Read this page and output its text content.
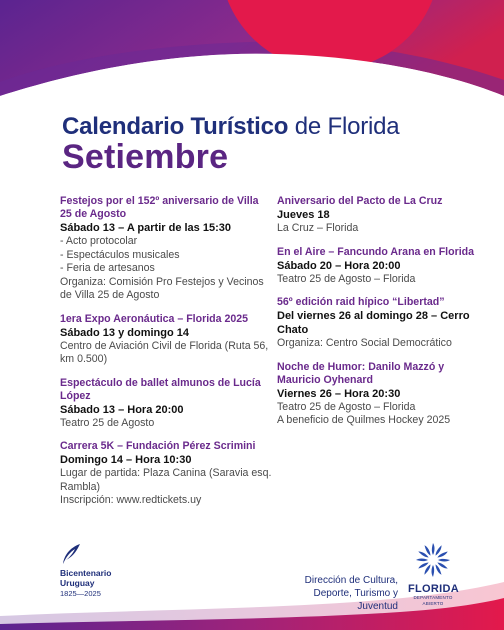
Calendario Turístico de Florida
Setiembre
Festejos por el 152º aniversario de Villa 25 de Agosto
Sábado 13 – A partir de las 15:30
- Acto protocolar
- Espectáculos musicales
- Feria de artesanos
Organiza: Comisión Pro Festejos y Vecinos de Villa 25 de Agosto
1era Expo Aeronáutica – Florida 2025
Sábado 13 y domingo 14
Centro de Aviación Civil de Florida (Ruta 56, km 0.500)
Espectáculo de ballet almunos de Lucía López
Sábado 13 – Hora 20:00
Teatro 25 de Agosto
Carrera 5K – Fundación Pérez Scrimini
Domingo 14 – Hora 10:30
Lugar de partida: Plaza Canina (Saravia esq. Rambla)
Inscripción: www.redtickets.uy
Aniversario del Pacto de La Cruz
Jueves 18
La Cruz – Florida
En el Aire – Fancundo Arana en Florida
Sábado 20 – Hora 20:00
Teatro 25 de Agosto – Florida
56º edición raid hípico “Libertad”
Del viernes 26 al domingo 28 – Cerro Chato
Organiza: Centro Social Democrático
Noche de Humor: Danilo Mazzó y Mauricio Oyhenard
Viernes 26 – Hora 20:30
Teatro 25 de Agosto – Florida
A beneficio de Quilmes Hockey 2025
Bicentenario
Uruguay
1825—2025
Dirección de Cultura, Deporte, Turismo y Juventud
FLORIDA
DEPARTAMENTO ABIERTO
